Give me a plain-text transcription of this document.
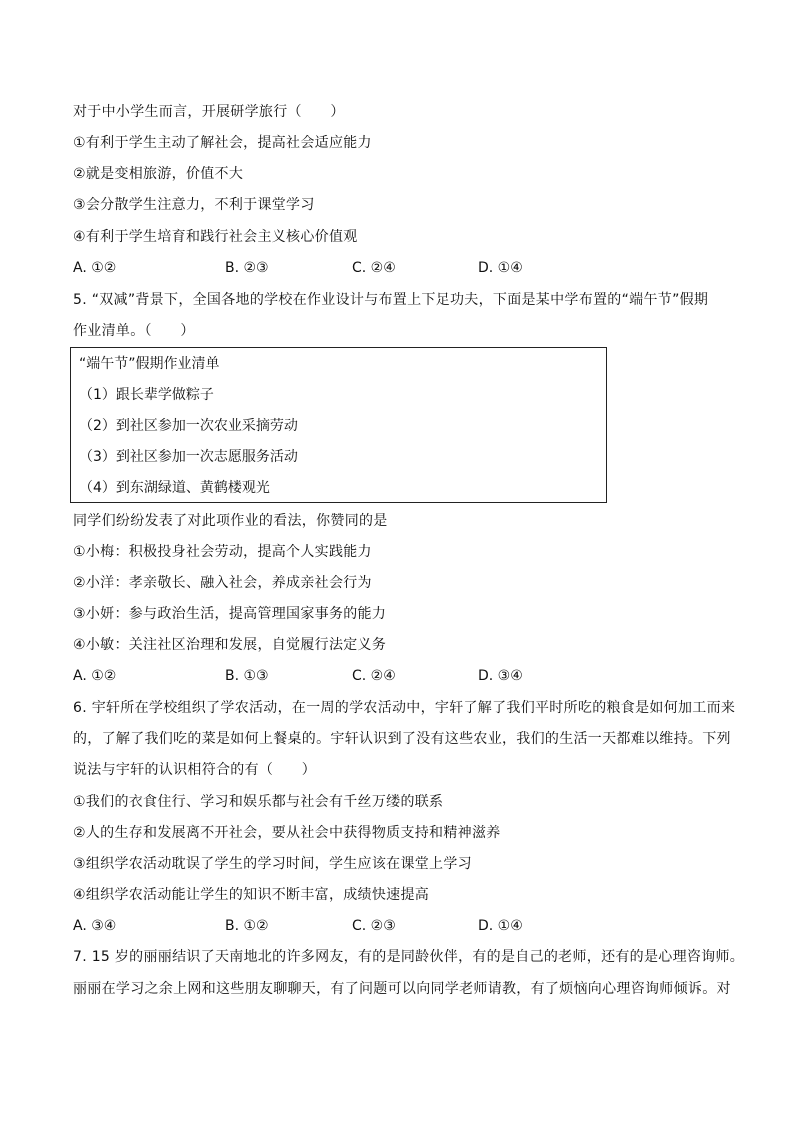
对于中小学生而言，开展研学旅行（　　）
①有利于学生主动了解社会，提高社会适应能力
②就是变相旅游，价值不大
③会分散学生注意力，不利于课堂学习
④有利于学生培育和践行社会主义核心价值观
A. ①②	B. ②③	C. ②④	D. ①④
5. “双减”背景下，全国各地的学校在作业设计与布置上下足功夫，下面是某中学布置的“端午节”假期
作业清单。（　　）
“端午节”假期作业清单
（1）跟长辈学做粽子
（2）到社区参加一次农业采摘劳动
（3）到社区参加一次志愿服务活动
（4）到东湖绿道、黄鹤楼观光
同学们纷纷发表了对此项作业的看法，你赞同的是
①小梅：积极投身社会劳动，提高个人实践能力
②小洋：孝亲敬长、融入社会，养成亲社会行为
③小妍：参与政治生活，提高管理国家事务的能力
④小敏：关注社区治理和发展，自觉履行法定义务
A. ①②	B. ①③	C. ②④	D. ③④
6. 宇轩所在学校组织了学农活动，在一周的学农活动中，宇轩了解了我们平时所吃的粮食是如何加工而来
的，了解了我们吃的菜是如何上餐桌的。宇轩认识到了没有这些农业，我们的生活一天都难以维持。下列
说法与宇轩的认识相符合的有（　　）
①我们的衣食住行、学习和娱乐都与社会有千丝万缕的联系
②人的生存和发展离不开社会，要从社会中获得物质支持和精神滋养
③组织学农活动耽误了学生的学习时间，学生应该在课堂上学习
④组织学农活动能让学生的知识不断丰富，成绩快速提高
A. ③④	B. ①②	C. ②③	D. ①④
7. 15 岁的丽丽结识了天南地北的许多网友，有的是同龄伙伴，有的是自己的老师，还有的是心理咨询师。
丽丽在学习之余上网和这些朋友聊聊天，有了问题可以向同学老师请教，有了烦恼向心理咨询师倾诉。对
